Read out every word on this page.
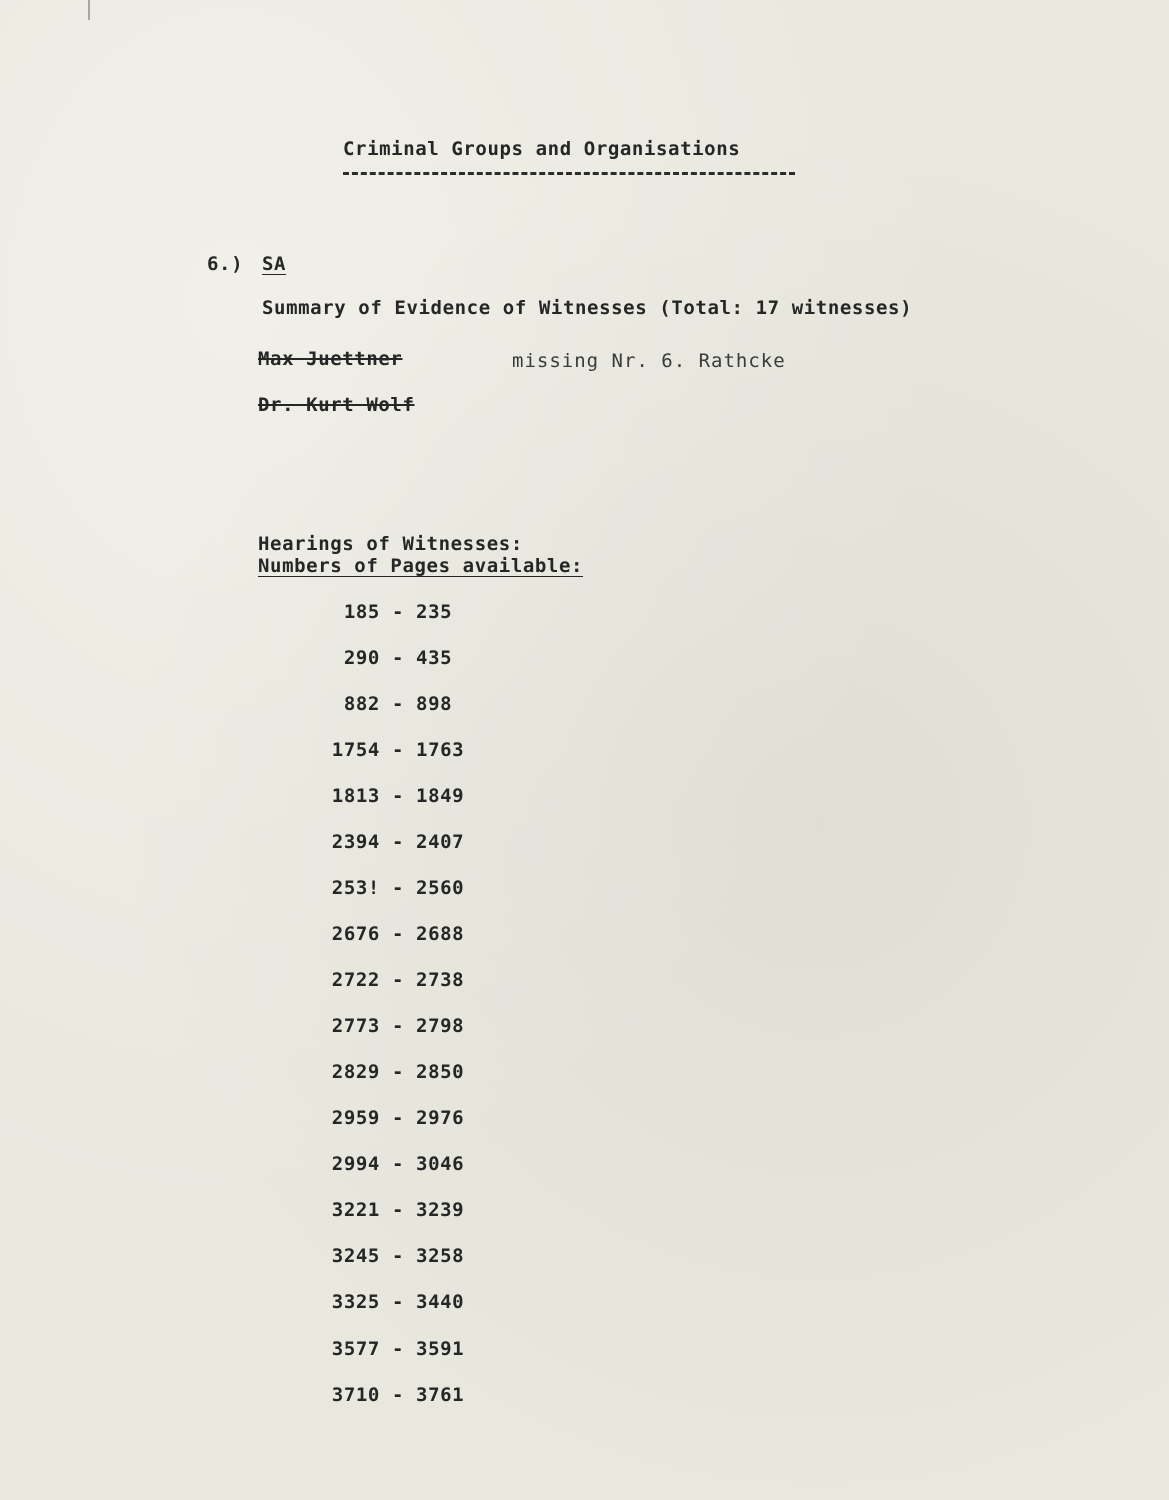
Criminal Groups and Organisations
6.) SA
Summary of Evidence of Witnesses (Total: 17 witnesses)
Max Juettner	missing Nr. 6. Rathcke
Dr. Kurt Wolf
Hearings of Witnesses:
Numbers of Pages available:
185 - 235
290 - 435
882 - 898
1754 - 1763
1813 - 1849
2394 - 2407
253! - 2560
2676 - 2688
2722 - 2738
2773 - 2798
2829 - 2850
2959 - 2976
2994 - 3046
3221 - 3239
3245 - 3258
3325 - 3440
3577 - 3591
3710 - 3761
